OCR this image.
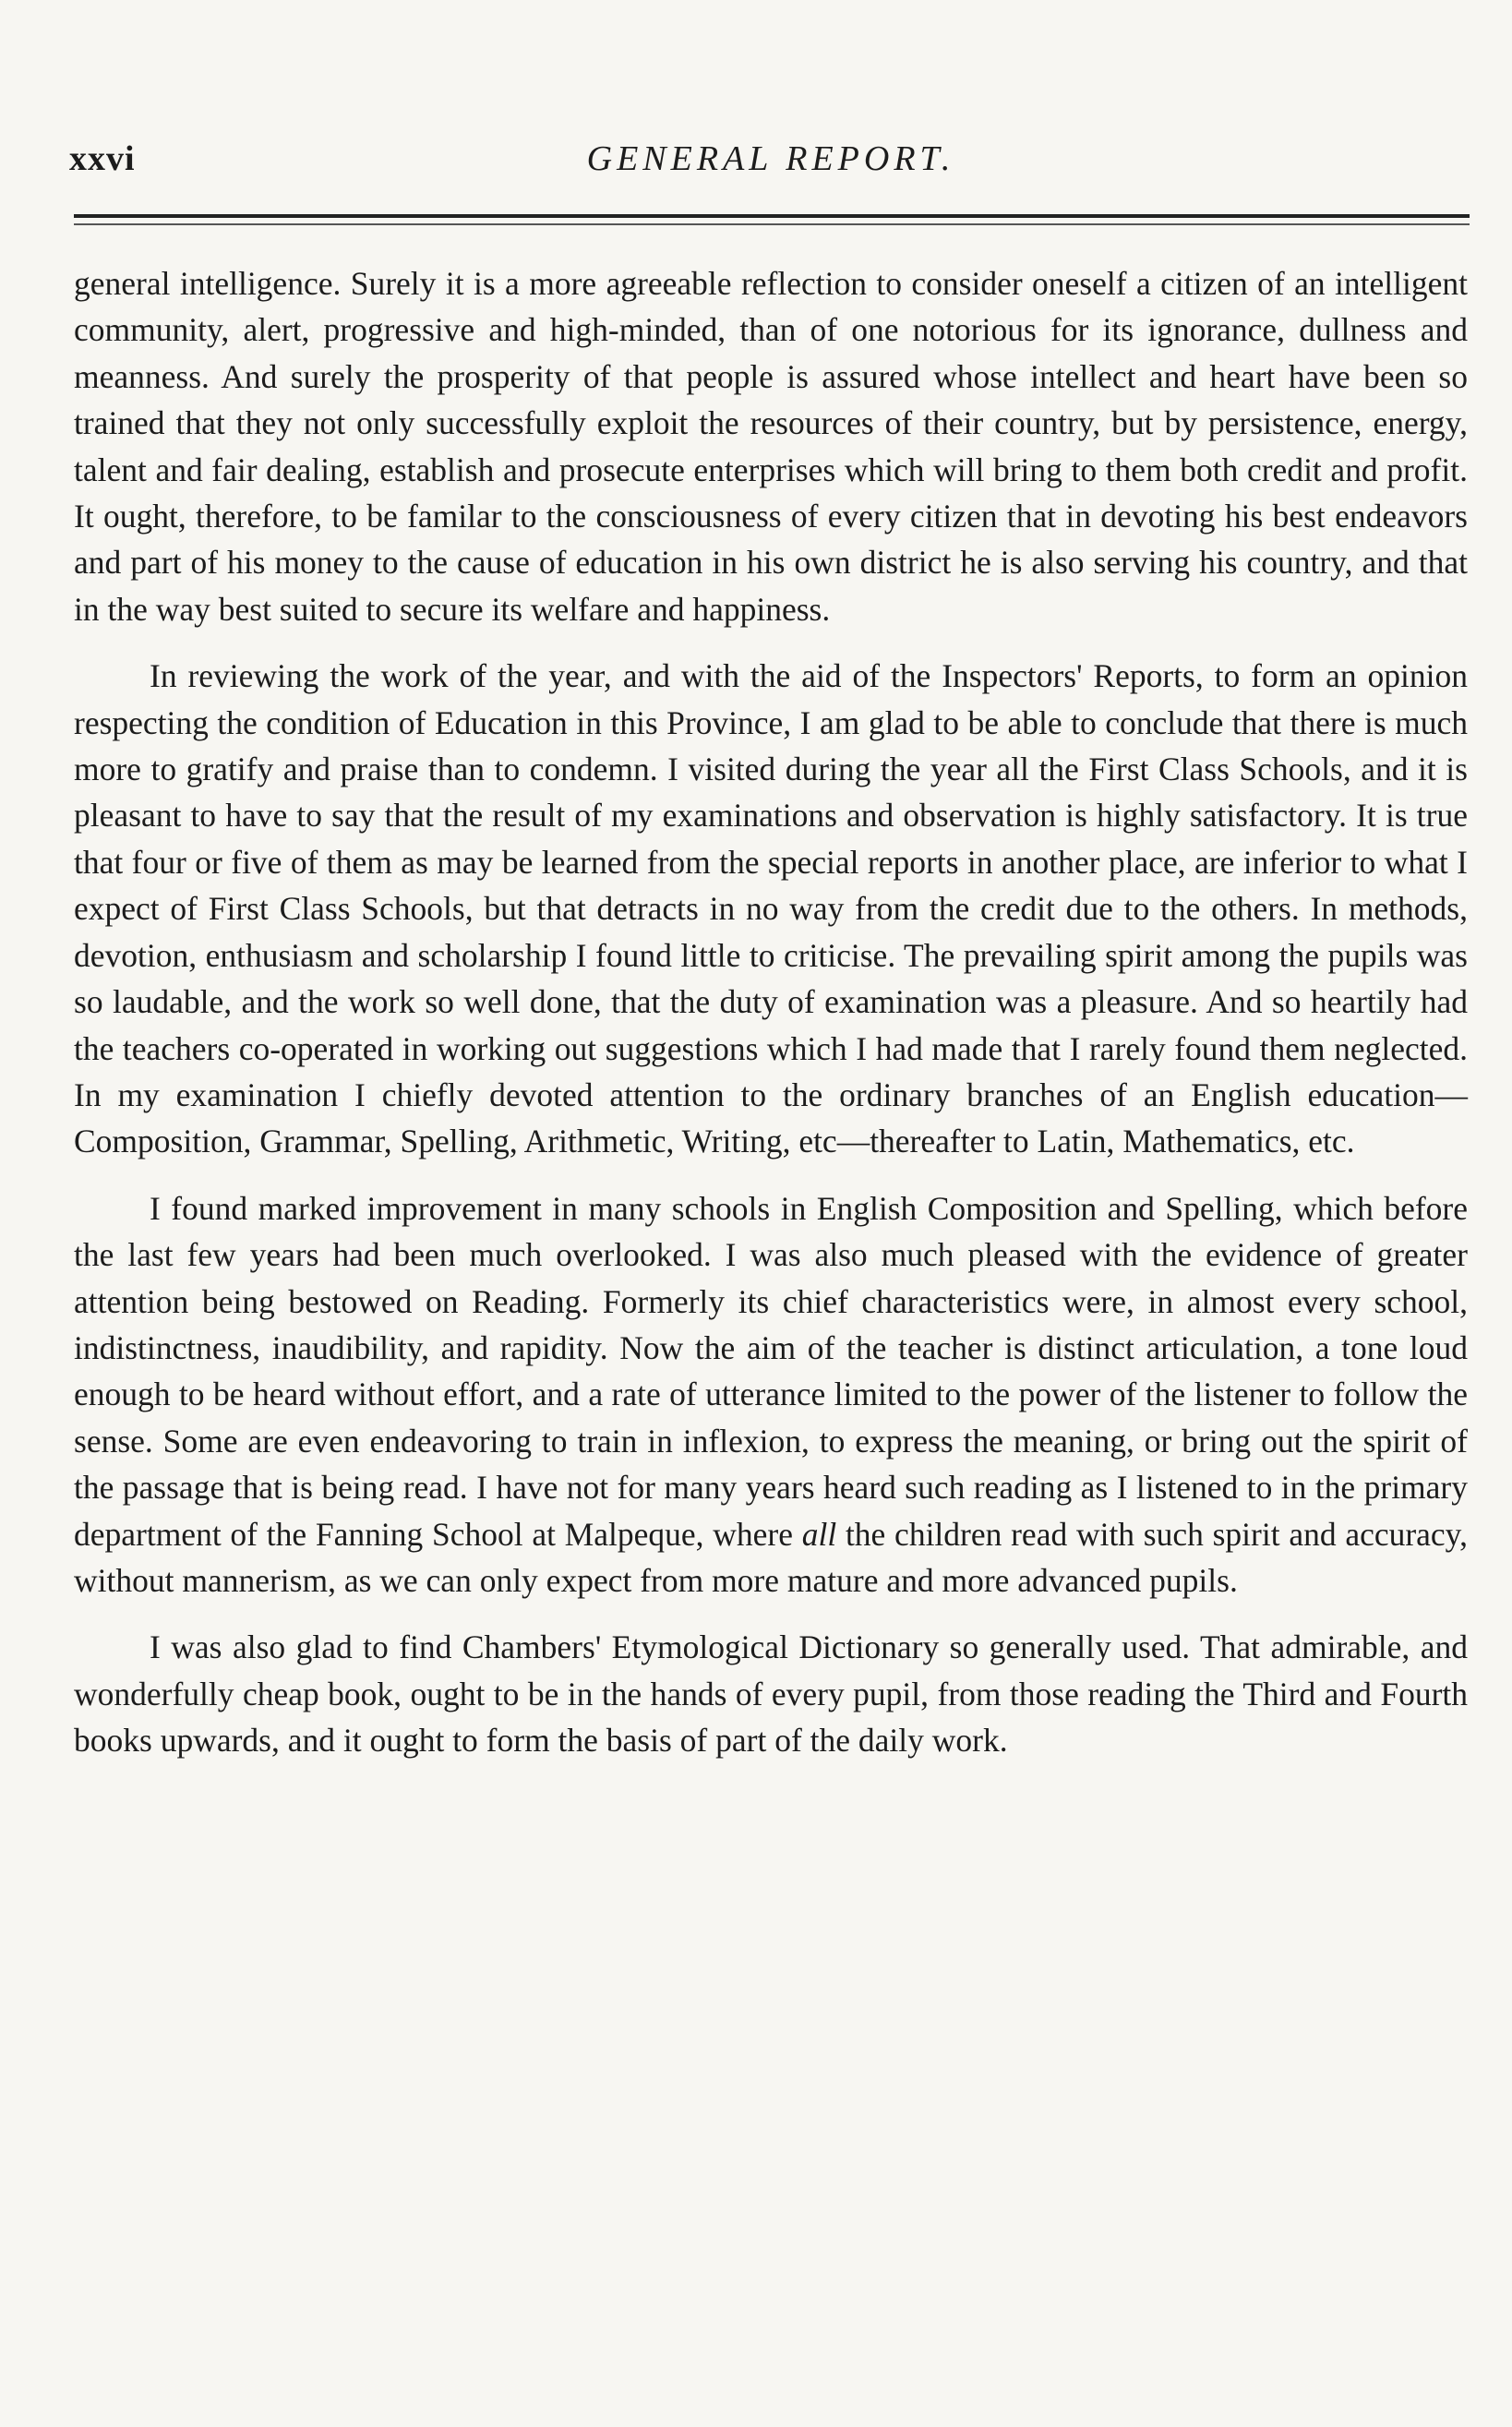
xxvi	GENERAL REPORT.

general intelligence. Surely it is a more agreeable reflection to consider oneself a citizen of an intelligent community, alert, progressive and high-minded, than of one notorious for its ignorance, dullness and meanness. And surely the prosperity of that people is assured whose intellect and heart have been so trained that they not only successfully exploit the resources of their country, but by persistence, energy, talent and fair dealing, establish and prosecute enterprises which will bring to them both credit and profit. It ought, therefore, to be familar to the consciousness of every citizen that in devoting his best endeavors and part of his money to the cause of education in his own district he is also serving his country, and that in the way best suited to secure its welfare and happiness.

In reviewing the work of the year, and with the aid of the Inspectors' Reports, to form an opinion respecting the condition of Education in this Province, I am glad to be able to conclude that there is much more to gratify and praise than to condemn. I visited during the year all the First Class Schools, and it is pleasant to have to say that the result of my examinations and observation is highly satisfactory. It is true that four or five of them as may be learned from the special reports in another place, are inferior to what I expect of First Class Schools, but that detracts in no way from the credit due to the others. In methods, devotion, enthusiasm and scholarship I found little to criticise. The prevailing spirit among the pupils was so laudable, and the work so well done, that the duty of examination was a pleasure. And so heartily had the teachers co-operated in working out suggestions which I had made that I rarely found them neglected. In my examination I chiefly devoted attention to the ordinary branches of an English education—Composition, Grammar, Spelling, Arithmetic, Writing, etc—thereafter to Latin, Mathematics, etc.

I found marked improvement in many schools in English Composition and Spelling, which before the last few years had been much overlooked. I was also much pleased with the evidence of greater attention being bestowed on Reading. Formerly its chief characteristics were, in almost every school, indistinctness, inaudibility, and rapidity. Now the aim of the teacher is distinct articulation, a tone loud enough to be heard without effort, and a rate of utterance limited to the power of the listener to follow the sense. Some are even endeavoring to train in inflexion, to express the meaning, or bring out the spirit of the passage that is being read. I have not for many years heard such reading as I listened to in the primary department of the Fanning School at Malpeque, where all the children read with such spirit and accuracy, without mannerism, as we can only expect from more mature and more advanced pupils.

I was also glad to find Chambers' Etymological Dictionary so generally used. That admirable, and wonderfully cheap book, ought to be in the hands of every pupil, from those reading the Third and Fourth books upwards, and it ought to form the basis of part of the daily work.
